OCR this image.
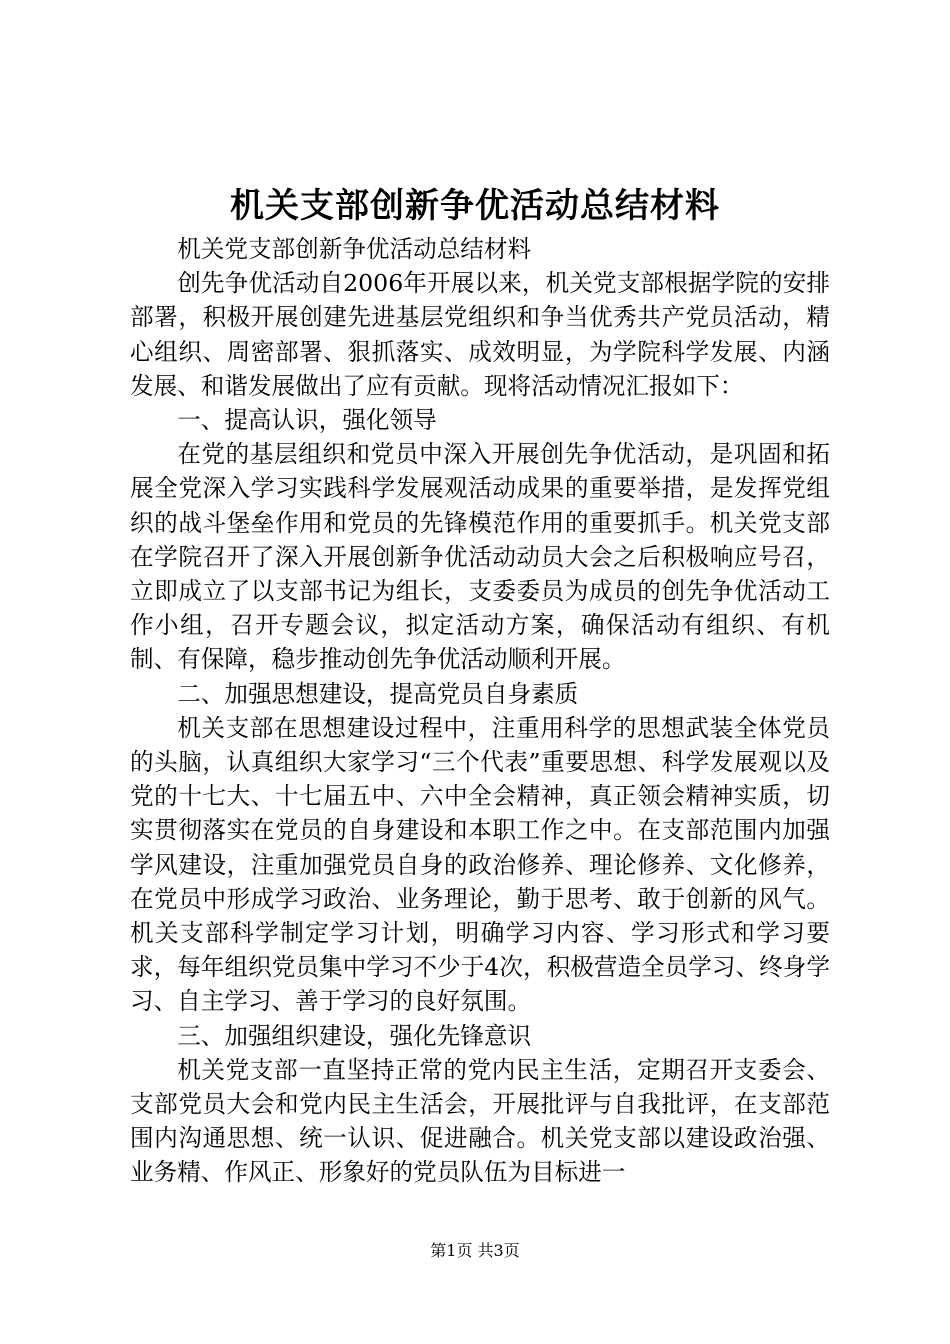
机关支部创新争优活动总结材料

机关党支部创新争优活动总结材料

创先争优活动自2006年开展以来，机关党支部根据学院的安排部署，积极开展创建先进基层党组织和争当优秀共产党员活动，精心组织、周密部署、狠抓落实、成效明显，为学院科学发展、内涵发展、和谐发展做出了应有贡献。现将活动情况汇报如下：

一、提高认识，强化领导

在党的基层组织和党员中深入开展创先争优活动，是巩固和拓展全党深入学习实践科学发展观活动成果的重要举措，是发挥党组织的战斗堡垒作用和党员的先锋模范作用的重要抓手。机关党支部在学院召开了深入开展创新争优活动动员大会之后积极响应号召，立即成立了以支部书记为组长，支委委员为成员的创先争优活动工作小组，召开专题会议，拟定活动方案，确保活动有组织、有机制、有保障，稳步推动创先争优活动顺利开展。

二、加强思想建设，提高党员自身素质

机关支部在思想建设过程中，注重用科学的思想武装全体党员的头脑，认真组织大家学习“三个代表”重要思想、科学发展观以及党的十七大、十七届五中、六中全会精神，真正领会精神实质，切实贯彻落实在党员的自身建设和本职工作之中。在支部范围内加强学风建设，注重加强党员自身的政治修养、理论修养、文化修养，在党员中形成学习政治、业务理论，勤于思考、敢于创新的风气。机关支部科学制定学习计划，明确学习内容、学习形式和学习要求，每年组织党员集中学习不少于4次，积极营造全员学习、终身学习、自主学习、善于学习的良好氛围。

三、加强组织建设，强化先锋意识

机关党支部一直坚持正常的党内民主生活，定期召开支委会、支部党员大会和党内民主生活会，开展批评与自我批评，在支部范围内沟通思想、统一认识、促进融合。机关党支部以建设政治强、业务精、作风正、形象好的党员队伍为目标进一

第1页 共3页
